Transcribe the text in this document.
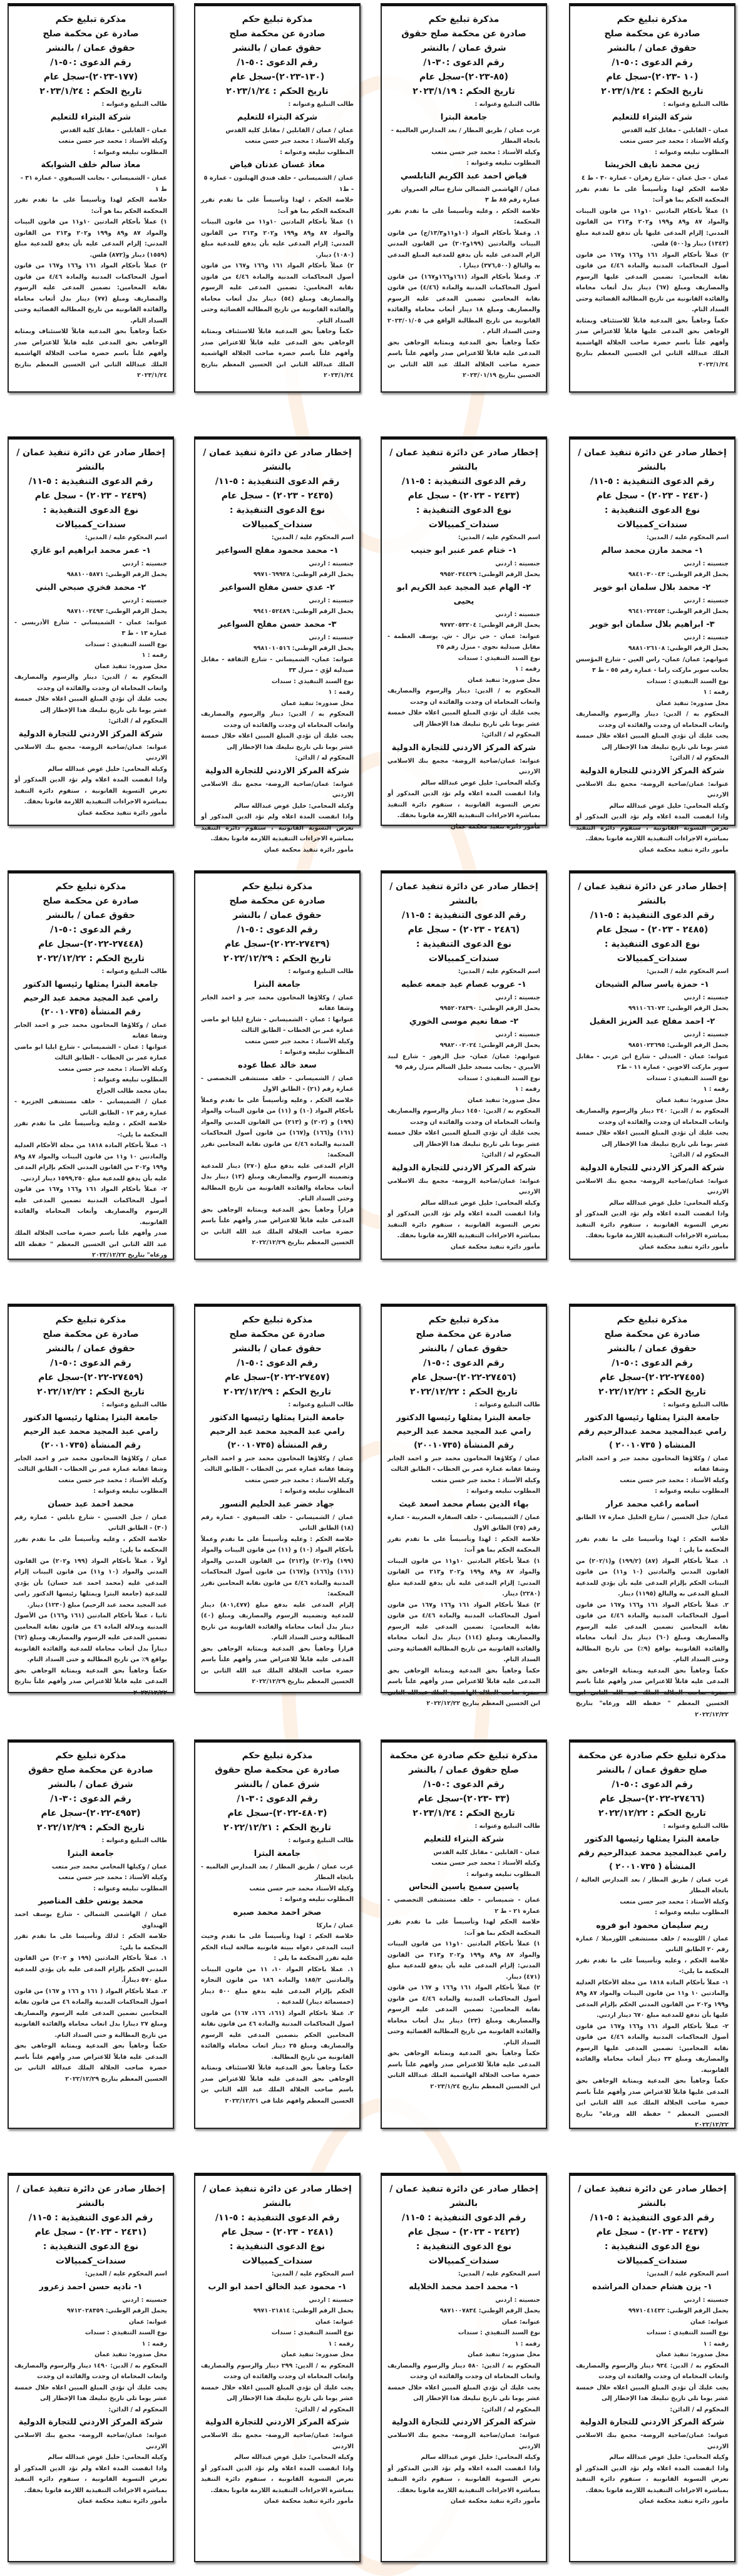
مذكرة تبليغ حكم
صادرة عن محكمة صلح
حقوق عمان / بالنشر
رقم الدعوى :٥٠-١/
(١٠ -٢٠٢٣)-سجل عام
تاريخ الحكم : ٢٠٢٣/١/٢٤
طالب التبليغ وعنوانه :
شركة البتراء للتعليم
عمان - القابلين - مقابل كلية القدس
وكيله الأستاذ : محمد جبر حسن متعب
المطلوب تبليغه وعنوانه :
زين محمد نايف الخريشا
عمان - جبل عمان - شارع زهران - عمارة ٣٠ - ط ٤
خلاصة الحكم لهذا وتأسيساً على ما تقدم تقرر المحكمة الحكم بما هو آت:
١) عملاً بأحكام المادتين ١٠و١١ من قانون البينات والمواد ٨٧ و٨٩ و١٩٩ و٢٠٢ و٢١٣ من القانون المدني: إلزام المدعى عليها بأن تدفع للمدعية مبلغ (١٣٤٣) دينار و(٥٠٠) فلس.
٢) عملاً بأحكام المواد ١٦١ و١٦٦ و١٦٧ من قانون أصول المحاكمات المدنية والمادة ٤/٤٦ من قانون نقابة المحامين: تضمين المدعى عليها الرسوم والمصاريف ومبلغ (٦٧) دينار بدل أتعاب محاماة والفائدة القانونية من تاريخ المطالبة القضائية وحتى السداد التام.
حكماً وجاهياً بحق المدعية قابلاً للاستئناف وبمثابة الوجاهي بحق المدعى عليها قابلاً للاعتراض صدر وأفهم علناً باسم حضرة صاحب الجلالة الهاشمية الملك عبدالله الثاني ابن الحسين المعظم بتاريخ ٢٠٢٣/١/٢٤
مذكرة تبليغ حكم
صادرة عن محكمة صلح حقوق
شرق عمان / بالنشر
رقم الدعوى :٣٠-١/
(٨٥-٢٠٢٣)-سجل عام
تاريخ الحكم : ٢٠٢٣/١/١٩
طالب التبليغ وعنوانه :
جامعة البترا
غرب عمان / طريق المطار / بعد المدارس العالمية - باتجاه المطار
وكيله الأستاذ : محمد جبر حسن متعب
المطلوب تبليغه وعنوانه :
فياض احمد عبد الكريم النابلسي
عمان / الهاشمي الشمالي شارع سالم العمروان عمارة رقم ٨٥ ط ٣
خلاصة الحكم ، وعليه وتأسيساً على ما تقدم تقرر المحكمة:
١. وعملاً بأحكام المواد (١٠و١١و١٣/٣/ج) من قانون البينات والمادتين (١٩٩و٢٠٢) من القانون المدني الزام المدعى عليه بأن يدفع للمدعية المبلغ المدعى به والبالغ (٣٧٦,٥٠٠) دينارا .
٢. وعملاً بأحكام المواد (١٦١و١٦٦و١٦٧) من قانون أصول المحاكمات المدنية والمادة (٤/٤٦) من قانون نقابة المحامين تضمين المدعى عليه الرسوم والمصاريف ومبلغ ١٨ دينار أتعاب محاماة والفائدة القانونية من تاريخ المطالبة الواقع في ٢٠٢٣/٠١/٠٥ وحتى السداد التام .
حكماً وجاهياً بحق المدعية وبمثابة الوجاهي بحق المدعى عليه قابلاً للاعتراض صدر وأفهم علناً باسم حضرة صاحب الجلالة الملك عبد الله الثاني بن الحسين بتاريخ ٢٠٢٣/٠١/١٩
مذكرة تبليغ حكم
صادرة عن محكمة صلح
حقوق عمان / بالنشر
رقم الدعوى :٥٠-١/
(١٣٠-٢٠٢٣)-سجل عام
تاريخ الحكم : ٢٠٢٣/١/٢٤
طالب التبليغ وعنوانه :
شركة البتراء للتعليم
عمان / عمان / القابلين / مقابل كلية القدس
وكيله الأستاذ : محمد جبر حسن متعب
المطلوب تبليغه وعنوانه :
معاذ غسان عدنان فياض
عمان / الشميساني - خلف فندق الهيلتون - عمارة ٥ - ط١
خلاصة الحكم ، لهذا وتأسيساً على ما تقدم تقرر المحكمة الحكم بما هو آت:
١) عملاً بأحكام المادتين ١٠و١١ من قانون البينات والمواد ٨٧ و٨٩ و١٩٩ و٢٠٢ و٢١٣ من القانون المدني: إلزام المدعى عليه بأن يدفع للمدعية مبلغ (١٠٨٠) دينار.
٢) عملاً بأحكام المواد ١٦١ و١٦٦ و١٦٧ من قانون أصول المحاكمات المدنية والمادة ٤/٤٦ من قانون نقابة المحامين: تضمين المدعى عليه الرسوم والمصاريف ومبلغ (٥٤) دينار بدل أتعاب محاماة والفائدة القانونية من تاريخ المطالبة القضائية وحتى السداد التام.
حكماً وجاهياً بحق المدعية قابلاً للاستئناف وبمثابة الوجاهي بحق المدعى عليه قابلاً للاعتراض صدر وأفهم علناً باسم حضرة صاحب الجلالة الهاشمية الملك عبدالله الثاني ابن الحسين المعظم بتاريخ ٢٠٢٣/١/٢٤
مذكرة تبليغ حكم
صادرة عن محكمة صلح
حقوق عمان / بالنشر
رقم الدعوى :٥٠-١/
(١٧٧-٢٠٢٣)-سجل عام
تاريخ الحكم : ٢٠٢٣/١/٢٤
طالب التبليغ وعنوانه :
شركة البتراء للتعليم
عمان - القابلين - مقابل كلية القدس
وكيله الأستاذ : محمد جبر حسن متعب
المطلوب تبليغه وعنوانه :
معاذ سالم خلف الشوابكة
عمان - الشميساني - بجانب السيفوي - عمارة ٣١ - ط ١
خلاصة الحكم لهذا وتأسيساً على ما تقدم تقرر المحكمة الحكم بما هو آت:
١) عملاً بأحكام المادتين ١٠و١١ من قانون البينات والمواد ٨٧ و٨٩ و١٩٩ و٢٠٢ و٢١٣ من القانون المدني: إلزام المدعى عليه بأن يدفع للمدعية مبلغ (١٥٥٩) دينار و(٨٧٢) فلس.
٢) عملاً بأحكام المواد ١٦١ و١٦٦ و١٦٧ من قانون أصول المحاكمات المدنية والمادة ٤/٤٦ من قانون نقابة المحامين: تضمين المدعى عليه الرسوم والمصاريف ومبلغ (٧٧) دينار بدل أتعاب محاماة والفائدة القانونية من تاريخ المطالبة القضائية وحتى السداد التام.
حكماً وجاهياً بحق المدعية قابلاً للاستئناف وبمثابة الوجاهي بحق المدعى عليه قابلاً للاعتراض صدر وأفهم علناً باسم حضرة صاحب الجلالة الهاشمية الملك عبدالله الثاني ابن الحسين المعظم بتاريخ ٢٠٢٣/١/٢٤
إخطار صادر عن دائرة تنفيذ عمان / بالنشر
رقم الدعوى التنفيذية : ٥-١١/
(٢٤٣٠ - ٢٠٢٣) - سجل عام
نوع الدعوى التنفيذية : سندات_كمبيالات
اسم المحكوم عليه / المدين:
١- محمد مازن محمد سالم
جنسيته : اردني
يحمل الرقم الوطني: ٩٨٤١٠٣٠٠٤٣
٢- محمد بلال سلمان ابو خوير
جنسيته : اردني
يحمل الرقم الوطني: ٩٦٤١٠٢٢٤٥٣
٣- ابراهيم بلال سلمان ابو خوير
جنسيته : اردني
يحمل الرقم الوطني: ٩٨٨١٠٢٦١٠٨
عنوانهم: عمان/ عمان- راس العين - شارع المؤسس بجانب سوبر ماركت راما - عمارة رقم ٥٥ - ط ٣
نوع السند التنفيذي : سندات
رقمه : ١
محل صدوره: تنفيذ عمان
المحكوم به / الدين: دينار والرسوم والمصاريف واتعاب المحاماة ان وجدت والفائدة ان وجدت
يجب عليك أن تؤدي المبلغ المبين اعلاه خلال خمسة عشر يوما تلي تاريخ تبليغك هذا الإخطار إلى
المحكوم له / الدائن:
شركة المركز الاردني للتجارة الدولية
عنوانه: عمان/ضاحية الروضة- مجمع بنك الاسلامي الاردني
وكيله المحامي: خليل عوض عبدالله سالم
واذا انقضت المدة اعلاه ولم تؤد الدين المذكور أو تعرض التسوية القانونية ، ستقوم دائرة التنفيذ بمباشرة الاجراءات التنفيذية اللازمة قانونا بحقك.
مأمور دائرة تنفيذ محكمة عمان
إخطار صادر عن دائرة تنفيذ عمان / بالنشر
رقم الدعوى التنفيذية : ٥-١١/
(٢٤٣٣ - ٢٠٢٣) - سجل عام
نوع الدعوى التنفيذية : سندات_كمبيالات
اسم المحكوم عليه / المدين:
١- ختام عمر عنبر ابو جنيب
جنسيته : اردني
يحمل الرقم الوطني: ٩٩٥٢٠٣٤٤٢٩
٢- الهام عبد المجيد عبد الكريم ابو يحيى
جنسيته : اردني
يحمل الرقم الوطني: ٩٧٧٢٠٥٣٢٠٤
عنوانه: عمان - حي نزال - ش. يوسف العظمة - مقابل صيدلية نجوى - منزل رقم ٢٥
نوع السند التنفيذي : سندات
رقمه : ١
محل صدوره: تنفيذ عمان
المحكوم به / الدين: دينار والرسوم والمصاريف واتعاب المحاماة ان وجدت والفائدة ان وجدت
يجب عليك أن تؤدي المبلغ المبين اعلاه خلال خمسة عشر يوما تلي تاريخ تبليغك هذا الإخطار إلى
المحكوم له / الدائن:
شركة المركز الاردني للتجارة الدولية
عنوانه: عمان/ضاحية الروضة- مجمع بنك الاسلامي الاردني
وكيله المحامي: خليل عوض عبدالله سالم
واذا انقضت المدة اعلاه ولم تؤد الدين المذكور أو تعرض التسوية القانونية ، ستقوم دائرة التنفيذ بمباشرة الاجراءات التنفيذية اللازمة قانونا بحقك.
مأمور دائرة تنفيذ محكمة عمان
إخطار صادر عن دائرة تنفيذ عمان / بالنشر
رقم الدعوى التنفيذية : ٥-١١/
(٢٤٣٥ - ٢٠٢٣) - سجل عام
نوع الدعوى التنفيذية : سندات_كمبيالات
اسم المحكوم عليه / المدين:
١- محمد محمود مفلح السواعير
جنسيته : اردني
يحمل الرقم الوطني: ٩٩٧١٠٦٩٩٢٨
٢- عدي حسن مفلح السواعير
جنسيته : اردني
يحمل الرقم الوطني: ٩٩٤١٠٥٢٤٨٩
٣- محمد حسن مفلح السواعير
جنسيته : اردني
يحمل الرقم الوطني: ٩٩٨١٠١٠٥١٦
عنوانه: عمان- الشميساني - شارع الثقافة - مقابل صيدلية لؤي - منزل ٣٣
نوع السند التنفيذي : سندات
رقمه : ١
محل صدوره: تنفيذ عمان
المحكوم به / الدين: دينار والرسوم والمصاريف واتعاب المحاماة ان وجدت والفائدة ان وجدت
يجب عليك أن تؤدي المبلغ المبين اعلاه خلال خمسة عشر يوما تلي تاريخ تبليغك هذا الإخطار إلى
المحكوم له / الدائن:
شركة المركز الاردني للتجارة الدولية
عنوانه: عمان/ضاحية الروضة- مجمع بنك الاسلامي الاردني
وكيله المحامي: خليل عوض عبدالله سالم
واذا انقضت المدة اعلاه ولم تؤد الدين المذكور أو تعرض التسوية القانونية ، ستقوم دائرة التنفيذ بمباشرة الاجراءات التنفيذية اللازمة قانونا بحقك.
مأمور دائرة تنفيذ محكمة عمان
إخطار صادر عن دائرة تنفيذ عمان / بالنشر
رقم الدعوى التنفيذية : ٥-١١/
(٢٤٣٩ - ٢٠٢٣) - سجل عام
نوع الدعوى التنفيذية : سندات_كمبيالات
اسم المحكوم عليه / المدين:
١- عمر محمد ابراهيم ابو غازي
جنسيته : اردني
يحمل الرقم الوطني: ٩٨٨١٠٠٥٨٧١
٢- محمد فخري صبحي البني
جنسيته : اردني
يحمل الرقم الوطني: ٩٨٧١٠٠٢٤٩٣
عنوانه: عمان - الشميساني - شارع الأدريسي - عمارة ١٣ - ط ٣
نوع السند التنفيذي : سندات
رقمه : ١
محل صدوره: تنفيذ عمان
المحكوم به / الدين: دينار والرسوم والمصاريف واتعاب المحاماة ان وجدت والفائدة ان وجدت
يجب عليك أن تؤدي المبلغ المبين اعلاه خلال خمسة عشر يوما تلي تاريخ تبليغك هذا الإخطار إلى
المحكوم له / الدائن:
شركة المركز الاردني للتجارة الدولية
عنوانه: عمان/ضاحية الروضة- مجمع بنك الاسلامي الاردني
وكيله المحامي: خليل عوض عبدالله سالم
واذا انقضت المدة اعلاه ولم تؤد الدين المذكور أو تعرض التسوية القانونية ، ستقوم دائرة التنفيذ بمباشرة الاجراءات التنفيذية اللازمة قانونا بحقك.
مأمور دائرة تنفيذ محكمة عمان
إخطار صادر عن دائرة تنفيذ عمان / بالنشر
رقم الدعوى التنفيذية : ٥-١١/
(٢٤٨٥ - ٢٠٢٣) - سجل عام
نوع الدعوى التنفيذية : سندات_كمبيالات
اسم المحكوم عليه / المدين:
١- حمزة ياسر سالم الشيحان
جنسيته : اردني
يحمل الرقم الوطني: ٩٩١١٠٦٦٠٧٣
٢- احمد مفلح عبد العزيز العقيل
جنسيته : اردني
يحمل الرقم الوطني: ٩٨٥١٠٢٣٦٩٥
عنوانه: عمان - العبدلي - شارع ابن عربي - مقابل سوبر ماركت الاخوين - عمارة ١١ - ط٢
نوع السند التنفيذي : سندات
رقمه : ١
محل صدوره: تنفيذ عمان
المحكوم به / الدين: ٢٤٠ دينار والرسوم والمصاريف واتعاب المحاماة ان وجدت والفائدة ان وجدت
يجب عليك أن تؤدي المبلغ المبين اعلاه خلال خمسة عشر يوما تلي تاريخ تبليغك هذا الإخطار إلى
المحكوم له / الدائن:
شركة المركز الاردني للتجارة الدولية
عنوانه: عمان/ضاحية الروضة- مجمع بنك الاسلامي الاردني
وكيله المحامي: خليل عوض عبدالله سالم
واذا انقضت المدة اعلاه ولم تؤد الدين المذكور أو تعرض التسوية القانونية ، ستقوم دائرة التنفيذ بمباشرة الاجراءات التنفيذية اللازمة قانونا بحقك.
مأمور دائرة تنفيذ محكمة عمان
إخطار صادر عن دائرة تنفيذ عمان / بالنشر
رقم الدعوى التنفيذية : ٥-١١/
(٢٤٨٦ - ٢٠٢٣) - سجل عام
نوع الدعوى التنفيذية : سندات_كمبيالات
اسم المحكوم عليه / المدين:
١- عروب عصام عيد جمعه عطيه
جنسيته : اردني
يحمل الرقم الوطني: ٩٩٥٢٠٢٨٣٩٠
٢- صفا نعيم موسى الخوري
جنسيته : اردني
يحمل الرقم الوطني: ٩٩٨٢٠٠٢٠٢٤
عنوانهم: عمان/ عمان- جبل الزهور - شارع لبيد الأميري - بجانب مسجد خليل السالم منزل رقم ٩٥
نوع السند التنفيذي : سندات
رقمه : ١
محل صدوره: تنفيذ عمان
المحكوم به / الدين: ١٤٥٠ دينار والرسوم والمصاريف واتعاب المحاماة ان وجدت والفائدة ان وجدت
يجب عليك أن تؤدي المبلغ المبين اعلاه خلال خمسة عشر يوما تلي تاريخ تبليغك هذا الإخطار إلى
المحكوم له / الدائن:
شركة المركز الاردني للتجارة الدولية
عنوانه: عمان/ضاحية الروضة- مجمع بنك الاسلامي الاردني
وكيله المحامي: خليل عوض عبدالله سالم
واذا انقضت المدة اعلاه ولم تؤد الدين المذكور أو تعرض التسوية القانونية ، ستقوم دائرة التنفيذ بمباشرة الاجراءات التنفيذية اللازمة قانونا بحقك.
مأمور دائرة تنفيذ محكمة عمان
مذكرة تبليغ حكم
صادرة عن محكمة صلح
حقوق عمان / بالنشر
رقم الدعوى :٥٠-١/
(٢٧٤٣٩-٢٠٢٢)-سجل عام
تاريخ الحكم : ٢٠٢٢/١٢/٢٩
طالب التبليغ وعنوانه :
جامعة البترا
عمان / وكلاؤها المحامون محمد جبر و احمد الجابر وشفا عفانه
عنوانها : عمان - الشميساني - شارع ايليا ابو ماضي عمارة عمر بن الخطاب - الطابق الثالث
وكيله الأستاذ : محمد جبر حسن متعب
المطلوب تبليغه وعنوانه :
سعد خالد عطا عوده
عمان / الشميساني - خلف مستشفى التخصصي - عمارة رقم (٢١) - الطابق الاول
خلاصة الحكم ، وعليه وتأسيساً على ما تقدم وعملاً بأحكام المواد (١٠) و (١١) من قانون البينات والمواد (١٩٩) و (٢٠٢) و (٢١٣) من القانون المدني والمواد (١٦١) و(١٦٦) و(١٦٧) من قانون أصول المحاكمات المدنية والمادة ٤/٤٦ من قانون نقابة المحامين تقرر المحكمة:
الزام المدعى عليه بدفع مبلغ (٢٧٠) دينار للمدعية وتضمينه الرسوم والمصاريف ومبلغ (١٣) دينار بدل أتعاب محاماة والفائدة القانونية من تاريخ المطالبة وحتى السداد التام.
قراراً وجاهياً بحق المدعية وبمثابة الوجاهي بحق المدعى عليه قابلاً للاعتراض صدر وأفهم علناً باسم حضرة صاحب الجلالة الملك عبد الله الثاني بن الحسين المعظم بتاريخ ٢٠٢٢/١٢/٢٩
مذكرة تبليغ حكم
صادرة عن محكمة صلح
حقوق عمان / بالنشر
رقم الدعوى :٥٠-١/
(٢٧٤٤٨-٢٠٢٢)-سجل عام
تاريخ الحكم : ٢٠٢٢/١٢/٢٢
طالب التبليغ وعنوانه :
جامعة البترا يمثلها رئيسها الدكتور رامي عبد المجيد محمد عبد الرحيم رقم المنشأة (٢٠٠١٠٧٣٥)
عمان / وكلاؤها المحامون محمد جبر و احمد الجابر وشفا عفانه
عنوانها : عمان - الشميساني - شارع ايليا ابو ماضي عمارة عمر بن الخطاب - الطابق الثالث
وكيله الأستاذ : محمد جبر حسن متعب
المطلوب تبليغه وعنوانه :
يمان محمد طالب الجراح
عمان / الشميساني - خلف مستشفى الجزيرة - عمارة رقم ١٣ - الطابق الثاني
خلاصة الحكم ، وعليه وتأسيساً على ما تقدم تقرر المحكمة ما يلي:-
١- عملاً بأحكام المادة ١٨١٨ من مجلة الأحكام العدلية والمادتين ١٠ و١١ من قانون البينات والمواد ٨٧ و٨٩ و١٩٩ و٢٠٢ من القانون المدني الحكم بإلزام المدعى عليه بأن يدفع للمدعية مبلغ ١٥٩٩,٢٥٠ دينار اردني.
٢- عملاً بأحكام المواد ١٦١ و١٦٦ و١٦٧ من قانون أصول المحاكمات المدنية تضمين المدعى عليه الرسوم والمصاريف وأتعاب المحاماة والفائدة القانونية.
صدر وأفهم علناً باسم حضرة صاحب الجلالة الملك عبد الله الثاني ابن الحسين المعظم " حفظه الله ورعاه" بتاريخ ٢٠٢٢/١٢/٢٢
مذكرة تبليغ حكم
صادرة عن محكمة صلح
حقوق عمان / بالنشر
رقم الدعوى :٥٠-١/
(٢٧٤٥٥-٢٠٢٢)-سجل عام
تاريخ الحكم : ٢٠٢٢/١٢/٢٢
طالب التبليغ وعنوانه :
جامعة البترا يمثلها رئيسها الدكتور رامي عبدالمجيد محمد عبدالرحيم رقم المنشاه ( ٢٠٠١٠٧٣٥ )
عمان / وكلاؤها المحامون محمد جبر و احمد الجابر وشفا عفانه
وكيله الأستاذ : محمد جبر حسن متعب
المطلوب تبليغه وعنوانه :
اسامه راغب محمد عرار
عمان/ جبل الحسين / شارع الخليل عمارة ١٧ الطابق الثاني
خلاصة الحكم : لهذا وتأسيسا على ما تقدم تقرر المحكمة ما يلي :
١. عملاً بأحكام المواد (٨٧) (١٩٩/٢) و(٢٠٢/١) من القانون المدني والمادتين (١٠ و١١) من قانون البينات الحكم بإلزام المدعى عليه بأن يؤدي للمدعية المبلغ المدعى به والبالغ (١١٩٥) دينار.
٢. عملاً بأحكام المواد ١٦١ و١٦٦ و١٦٧ من قانون أصول المحاكمات المدنية والمادة ٤/٤٦ من قانون نقابة المحامين تضمين المدعى عليه الرسوم والمصاريف ومبلغ (٦٠) دينار بدل أتعاب محاماة والفائدة القانونية بواقع (٩٪) من تاريخ المطالبة وحتى السداد التام.
حكماً وجاهياً بحق المدعية وبمثابة الوجاهي بحق المدعى عليه قابلاً للاعتراض صدر وأفهم علناً باسم حضرة صاحب الجلالة الملك عبد الله الثاني ابن الحسين المعظم " حفظه الله ورعاه" بتاريخ ٢٠٢٢/١٢/٢٢
مذكرة تبليغ حكم
صادرة عن محكمة صلح
حقوق عمان / بالنشر
رقم الدعوى :٥٠-١/
(٢٧٤٥٦-٢٠٢٢)-سجل عام
تاريخ الحكم : ٢٠٢٢/١٢/٢٢
طالب التبليغ وعنوانه :
جامعة البترا يمثلها رئيسها الدكتور رامي عبد المجيد محمد عبد الرحيم رقم المنشأة (٢٠٠١٠٧٣٥)
عمان / وكلاؤها المحامون محمد جبر و احمد الجابر وشفا عفانه عمارة عمر بن الخطاب - الطابق الثالث
وكيله الأستاذ : محمد جبر حسن متعب
المطلوب تبليغه وعنوانه :
بهاء الدين بسام محمد اسعد غيث
عمان / الشميساني - خلف السفارة المغربية - عمارة رقم (٢٥) الطابق الاول
خلاصة الحكم : لهذا وتأسيساً على ما تقدم تقرر المحكمة الحكم بما هو آت:
١) عملاً بأحكام المادتين ١٠و١١ من قانون البينات والمواد ٨٧ و٨٩ و١٩٩ و٢٠٢ و٢١٣ من القانون المدني: إلزام المدعى عليه بأن يدفع للمدعية مبلغ (٢٢٨٠) دينار.
٢) عملاً بأحكام المواد ١٦١ و١٦٦ و١٦٧ من قانون أصول المحاكمات المدنية والمادة ٤/٤٦ من قانون نقابة المحامين: تضمين المدعى عليه الرسوم والمصاريف ومبلغ (١١٤) دينار بدل أتعاب محاماة والفائدة القانونية من تاريخ المطالبة القضائية وحتى السداد التام.
حكماً وجاهياً بحق المدعية وبمثابة الوجاهي بحق المدعى عليه قابلاً للاعتراض صدر وأفهم علناً باسم حضرة صاحب الجلالة الهاشمية الملك عبدالله الثاني ابن الحسين المعظم بتاريخ ٢٠٢٢/١٢/٢٢
مذكرة تبليغ حكم
صادرة عن محكمة صلح
حقوق عمان / بالنشر
رقم الدعوى :٥٠-١/
(٢٧٤٥٧-٢٠٢٢)-سجل عام
تاريخ الحكم : ٢٠٢٢/١٢/٢٩
طالب التبليغ وعنوانه :
جامعة البترا يمثلها رئيسها الدكتور رامي عبد المجيد محمد عبد الرحيم رقم المنشأة (٢٠٠١٠٧٣٥)
عمان / وكلاؤها المحامون محمد جبر و احمد الجابر وشفا عفانه عمارة عمر بن الخطاب - الطابق الثالث
وكيله الأستاذ : محمد جبر حسن متعب
المطلوب تبليغه وعنوانه :
جهاد خضر عبد الحليم النسور
عمان / الشميساني - خلف السيفوي - عمارة رقم (١٨) الطابق الثاني
خلاصة الحكم : وعليه وتأسيساً على ما تقدم وعملاً بأحكام المواد (١٠) و (١١) من قانون البينات والمواد (١٩٩) و(٢٠٢) و(٢١٣) من القانون المدني والمواد (١٦١) و(١٦٦) و(١٦٧) من قانون أصول المحاكمات المدنية والمادة ٤/٤٦ من قانون نقابة المحامين تقرر المحكمة:
إلزام المدعى عليه بدفع مبلغ (٨٠١,٤٧٧) دينار للمدعية وتضمينه الرسوم والمصاريف ومبلغ (٤٠) دينار بدل أتعاب محاماة والفائدة القانونية من تاريخ المطالبة وحتى السداد التام.
قراراً وجاهياً بحق المدعية وبمثابة الوجاهي بحق المدعى عليه قابلاً للاعتراض صدر وأفهم علناً باسم حضرة صاحب الجلالة الملك عبد الله الثاني بن الحسين المعظم بتاريخ ٢٠٢٢/١٢/٢٩
مذكرة تبليغ حكم
صادرة عن محكمة صلح
حقوق عمان / بالنشر
رقم الدعوى :٥٠-١/
(٢٧٤٥٩-٢٠٢٢)-سجل عام
تاريخ الحكم : ٢٠٢٢/١٢/٢٢
طالب التبليغ وعنوانه :
جامعة البترا يمثلها رئيسها الدكتور رامي عبد المجيد محمد عبد الرحيم رقم المنشأة (٢٠٠١٠٧٣٥)
عمان / وكلاؤها المحامون محمد جبر و احمد الجابر وشفا عفانه عمارة عمر بن الخطاب - الطابق الثالث
وكيله الأستاذ : محمد جبر حسن متعب
المطلوب تبليغه وعنوانه :
محمد احمد عبد حسان
عمان / جبل الحسين - شارع نابلس - عمارة رقم (٣٠) - الطابق الثاني
خلاصة الحكم ، وعليه وتأسيساً على ما تقدم تقرر المحكمة ما يلي:
أولاً ، عملاً بأحكام المواد (١٩٩ و٢٠٢) من القانون المدني والمواد (١٠ و١١) من قانون البينات إلزام المدعى عليه (محمد احمد عبد حسان) بأن يؤدي للمدعية (جامعة البترا ويمثلها رئيسها الدكتور رامي عبد المجيد محمد عبد الرحيم) مبلغ (١٢٣٠) دينار.
ثانيا ، عملاً بأحكام المادتين (١٦١ و١٦٦) من الأصول المدنية وبدلالة المادة ٤٦ من قانون نقابة المحامين تضمين المدعى عليه الرسوم والمصاريف ومبلغ (٦٢) ديناراً بدل أتعاب محاماة للمدعية والفائدة القانونية بواقع ٩٪ من تاريخ المطالبة و حتى السداد التام.
حكماً وجاهياً بحق المدعية وبمثابة الوجاهي بحق المدعى عليه قابلاً للاعتراض صدر وأفهم علناً بتاريخ ٢٠٢٢/١٢/٢٢
مذكرة تبليغ حكم صادرة عن محكمة صلح حقوق عمان / بالنشر
رقم الدعوى :٥٠-١/
(٢٧٤٦٦-٢٠٢٢)-سجل عام
تاريخ الحكم : ٢٠٢٢/١٢/٢٢
طالب التبليغ وعنوانه :
جامعة البترا يمثلها رئيسها الدكتور رامي عبدالمجيد محمد عبدالرحيم رقم المنشأة ( ٢٠٠١٠٧٣٥ )
غرب عمان / طريق المطار / بعد المدارس العالية / باتجاه المطار
وكيله الأستاذ : محمد جبر حسن متعب
المطلوب تبليغه وعنوانه :
ريم سليمان محمود ابو فروه
عمان / اللويبده / خلف مستشفى اللوزميلا / عمارة رقم ٢٠ الطابق الثاني
خلاصة الحكم ، وعليه وتأسيساً على ما تقدم تقرر المحكمة ما يلي:-
١- عملاً بأحكام المادة ١٨١٨ من مجلة الأحكام العدلية والمادتين ١٠ و١١ من قانون البينات والمواد ٨٧ و٨٩ و١٩٩ و٢٠٢ من القانون المدني الحكم بإلزام المدعى عليها بأن تدفع للمدعية مبلغ ٦٧٠ دينار اردني.
٢- عملاً بأحكام المواد ١٦١ و١٦٦ و١٦٧ من قانون أصول المحاكمات المدنية والمادة ٤/٤٦ من قانون نقابة المحامين: تضمين المدعى عليها الرسوم والمصاريف ومبلغ ٣٣ دينار أتعاب محاماة والفائدة القانونية.
حكماً وجاهياً بحق المدعية وبمثابة الوجاهي بحق المدعى عليها قابلاً للاعتراض صدر وأفهم علناً باسم حضرة صاحب الجلالة الملك عبد الله الثاني ابن الحسين المعظم " حفظه الله ورعاه" بتاريخ ٢٠٢٢/١٢/٢٢
مذكرة تبليغ حكم صادرة عن محكمة صلح حقوق عمان / بالنشر
رقم الدعوى :٥٠-١/
(٣٣ -٢٠٢٣)-سجل عام
تاريخ الحكم : ٢٠٢٣/١/٢٤
طالب التبليغ وعنوانه :
شركة البتراء للتعليم
عمان - القابلين - مقابل كلية القدس
وكيله الأستاذ : محمد جبر حسن متعب
المطلوب تبليغه وعنوانه :
ياسين سميح ياسين النحاس
عمان - شميساني - خلف مستشفى التخصصي - عمارة ٢١ - ط ٢
خلاصة الحكم لهذا وتأسيساً على ما تقدم تقرر المحكمة الحكم بما هو آت:
١) عملاً بأحكام المادتين ١٠و١١ من قانون البينات والمواد ٨٧ و٨٩ و١٩٩ و٢٠٢ و٢١٣ من القانون المدني: إلزام المدعى عليه بأن يدفع للمدعية مبلغ (٤٧١) دينار.
٢) عملاً بأحكام المواد ١٦١ و١٦٦ و ١٦٧ من قانون أصول المحاكمات المدنية والمادة ٤/٤٦ من قانون نقابة المحامين: تضمين المدعى عليه الرسوم والمصاريف ومبلغ (٢٣) دينار بدل أتعاب محاماة والفائدة القانونية من تاريخ المطالبة القضائية وحتى السداد التام.
حكماً وجاهياً بحق المدعية وبمثابة الوجاهي بحق المدعى عليه قابلاً للاعتراض صدر وأفهم علناً باسم حضرة صاحب الجلالة الهاشمية الملك عبدالله الثاني ابن الحسين المعظم بتاريخ ٢٠٢٣/١/٢٤
مذكرة تبليغ حكم
صادرة عن محكمة صلح حقوق
شرق عمان / بالنشر
رقم الدعوى :٣٠-١/
(٤٨٠٣-٢٠٢٢)-سجل عام
تاريخ الحكم : ٢٠٢٢/١٢/٢١
طالب التبليغ وعنوانه :
جامعة البترا
غرب عمان / طريق المطار / بعد المدارس العالميه - باتجاه المطار
وكيله الأستاذ محمد جبر حسن متعب
المطلوب تبليغه وعنوانه :
صخر احمد محمد صبره
عمان / ماركا
خلاصة الحكم : لهذا وتأسيساً على ما تقدم وحيث اثبت المدعي دعواه ببينة قانونية صالحة لبناء الحكم عليه تقرر المحكمة ما يلي :
١. عملا باحكام المواد ١٠، ١١ من قانون البينات والمادتين ١٨٥/٢ والمادة ١٨٦ من قانون التجارة الحكم بإلزام المدعى عليه بدفع مبلغ ٥٠٠ دينار (خمسمائة دينار) للمدعية .
٢. عملا باحكام المواد (١٦١، ١٦٦، ١٦٧) من قانون اصول المحاكمات المدنية والمادة ٤٦ من قانون نقابة المحامين الحكم بتضمين المدعى عليه الرسوم والمصاريف ومبلغ ٢٥ دينار اتعاب محاماه والفائدة القانونية من تاريخ المطالبة.
حكماً وجاهياً بحق المدعية قابلاً للاستئناف وبمثابة الوجاهي بحق المدعى عليه قابلاً للاعتراض صدر باسم صاحب الجلالة الملك عبد الله الثاني بن الحسين المعظم وافهم علنا في ٢٠٢٢/١٢/٢١
مذكرة تبليغ حكم
صادرة عن محكمة صلح حقوق
شرق عمان / بالنشر
رقم الدعوى :٣٠-١/
(٤٩٥٣-٢٠٢٢)-سجل عام
تاريخ الحكم : ٢٠٢٢/١٢/٢٩
طالب التبليغ وعنوانه :
جامعة البترا
عمان / وكيلها المحامي محمد جبر متعب
وكيله الأستاذ : محمد جبر حسن متعب
المطلوب تبليغه وعنوانه :
محمد يونس خلف المناصير
عمان / الهاشمي الشمالي - شارع يوسف احمد الهنداوي
خلاصة الحكم : لذلك وتأسيسا على ما تقدم تقرر المحكمة ما يلي:
١. عملاً بأحكام المادتين (١٩٩ و ٢٠٢) من القانون المدني الحكم بإلزام المدعى عليه بان يؤدي للمدعية مبلغ ٥٧٠ ديناراً.
٢. عملا بأحكام المواد ( ١٦١ و ١٦٦ و ١٦٧) من قانون اصول المحاكمات المدنية والمادة ٤٦ من قانون نقابة المحامين تضمين المدعى عليه الرسوم والمصاريف ومبلغ ٢٧ دينارا بدل اتعاب محاماة والفائدة القانونية من تاريخ المطالبة و حتى السداد التام.
حكماً وجاهياً بحق المدعية وبمثابة الوجاهي بحق المدعى عليه قابلاً للاعتراض صدر وأفهم علناً باسم حضرة صاحب الجلالة الملك عبدالله الثاني بن الحسين المعظم بتاريخ ٢٠٢٢/١٢/٢٩
إخطار صادر عن دائرة تنفيذ عمان / بالنشر
رقم الدعوى التنفيذية : ٥-١١/
(٢٤٣٧ - ٢٠٢٣) - سجل عام
نوع الدعوى التنفيذية : سندات_كمبيالات
اسم المحكوم عليه / المدين:
١- يزن هشام حمدان المراشده
جنسيته : اردني
يحمل الرقم الوطني: ٩٩٧١٠٤١٤٣٢
عنوانه: عمان
نوع السند التنفيذي : سندات
رقمه : ١
محل صدوره: تنفيذ عمان
المحكوم به / الدين: ٩٣٤ دينار والرسوم والمصاريف واتعاب المحاماة ان وجدت والفائدة ان وجدت
يجب عليك أن تؤدي المبلغ المبين اعلاه خلال خمسة عشر يوما تلي تاريخ تبليغك هذا الإخطار إلى
المحكوم له / الدائن:
شركة المركز الاردني للتجارة الدولية
عنوانه: عمان/ضاحية الروضة- مجمع بنك الاسلامي الاردني
وكيله المحامي: خليل عوض عبدالله سالم
واذا انقضت المدة اعلاه ولم تؤد الدين المذكور أو تعرض التسوية القانونية ، ستقوم دائرة التنفيذ بمباشرة الاجراءات التنفيذية اللازمة قانونا بحقك.
مأمور دائرة تنفيذ محكمة عمان
إخطار صادر عن دائرة تنفيذ عمان / بالنشر
رقم الدعوى التنفيذية : ٥-١١/
(٢٤٢٢ - ٢٠٢٣) - سجل عام
نوع الدعوى التنفيذية : سندات_كمبيالات
اسم المحكوم عليه / المدين:
١- محمد احمد محمد الخلايله
جنسيته : اردني
يحمل الرقم الوطني: ٩٨٧١٠٠٧٨٣٤
عنوانه: عمان
نوع السند التنفيذي : سندات
رقمه : ١
محل صدوره: تنفيذ عمان
المحكوم به / الدين: ٥٨٠ دينار والرسوم والمصاريف واتعاب المحاماة ان وجدت والفائدة ان وجدت
يجب عليك أن تؤدي المبلغ المبين اعلاه خلال خمسة عشر يوما تلي تاريخ تبليغك هذا الإخطار إلى
المحكوم له / الدائن:
شركة المركز الاردني للتجارة الدولية
عنوانه: عمان/ضاحية الروضة- مجمع بنك الاسلامي الاردني
وكيله المحامي: خليل عوض عبدالله سالم
واذا انقضت المدة اعلاه ولم تؤد الدين المذكور أو تعرض التسوية القانونية ، ستقوم دائرة التنفيذ بمباشرة الاجراءات التنفيذية اللازمة قانونا بحقك.
مأمور دائرة تنفيذ محكمة عمان
إخطار صادر عن دائرة تنفيذ عمان / بالنشر
رقم الدعوى التنفيذية : ٥-١١/
(٢٤٨١ - ٢٠٢٣) - سجل عام
نوع الدعوى التنفيذية : سندات_كمبيالات
اسم المحكوم عليه / المدين:
١- محمود عبد الخالق احمد ابو الرب
جنسيته : اردني
يحمل الرقم الوطني: ٩٩٧١٠٢١٨١٤
عنوانه: عمان
نوع السند التنفيذي : سندات
رقمه : ١
محل صدوره: تنفيذ عمان
المحكوم به / الدين: ٢٩٩ دينار والرسوم والمصاريف واتعاب المحاماة ان وجدت والفائدة ان وجدت
يجب عليك أن تؤدي المبلغ المبين اعلاه خلال خمسة عشر يوما تلي تاريخ تبليغك هذا الإخطار إلى
المحكوم له / الدائن:
شركة المركز الاردني للتجارة الدولية
عنوانه: عمان/ضاحية الروضة- مجمع بنك الاسلامي الاردني
وكيله المحامي: خليل عوض عبدالله سالم
واذا انقضت المدة اعلاه ولم تؤد الدين المذكور أو تعرض التسوية القانونية ، ستقوم دائرة التنفيذ بمباشرة الاجراءات التنفيذية اللازمة قانونا بحقك.
مأمور دائرة تنفيذ محكمة عمان
إخطار صادر عن دائرة تنفيذ عمان / بالنشر
رقم الدعوى التنفيذية : ٥-١١/
(٢٤٣١ - ٢٠٢٣) - سجل عام
نوع الدعوى التنفيذية : سندات_كمبيالات
اسم المحكوم عليه / المدين:
١- ناديه حسن احمد زعرور
جنسيته : اردني
يحمل الرقم الوطني: ٩٧١٢٠٢٨٣٥٩
عنوانه: عمان
نوع السند التنفيذي : سندات
رقمه : ١
محل صدوره: تنفيذ عمان
المحكوم به / الدين: ١٤٩٠ دينار والرسوم والمصاريف واتعاب المحاماة ان وجدت والفائدة ان وجدت
يجب عليك أن تؤدي المبلغ المبين اعلاه خلال خمسة عشر يوما تلي تاريخ تبليغك هذا الإخطار إلى
المحكوم له / الدائن:
شركة المركز الاردني للتجارة الدولية
عنوانه: عمان/ضاحية الروضة- مجمع بنك الاسلامي الاردني
وكيله المحامي: خليل عوض عبدالله سالم
واذا انقضت المدة اعلاه ولم تؤد الدين المذكور أو تعرض التسوية القانونية ، ستقوم دائرة التنفيذ بمباشرة الاجراءات التنفيذية اللازمة قانونا بحقك.
مأمور دائرة تنفيذ محكمة عمان
